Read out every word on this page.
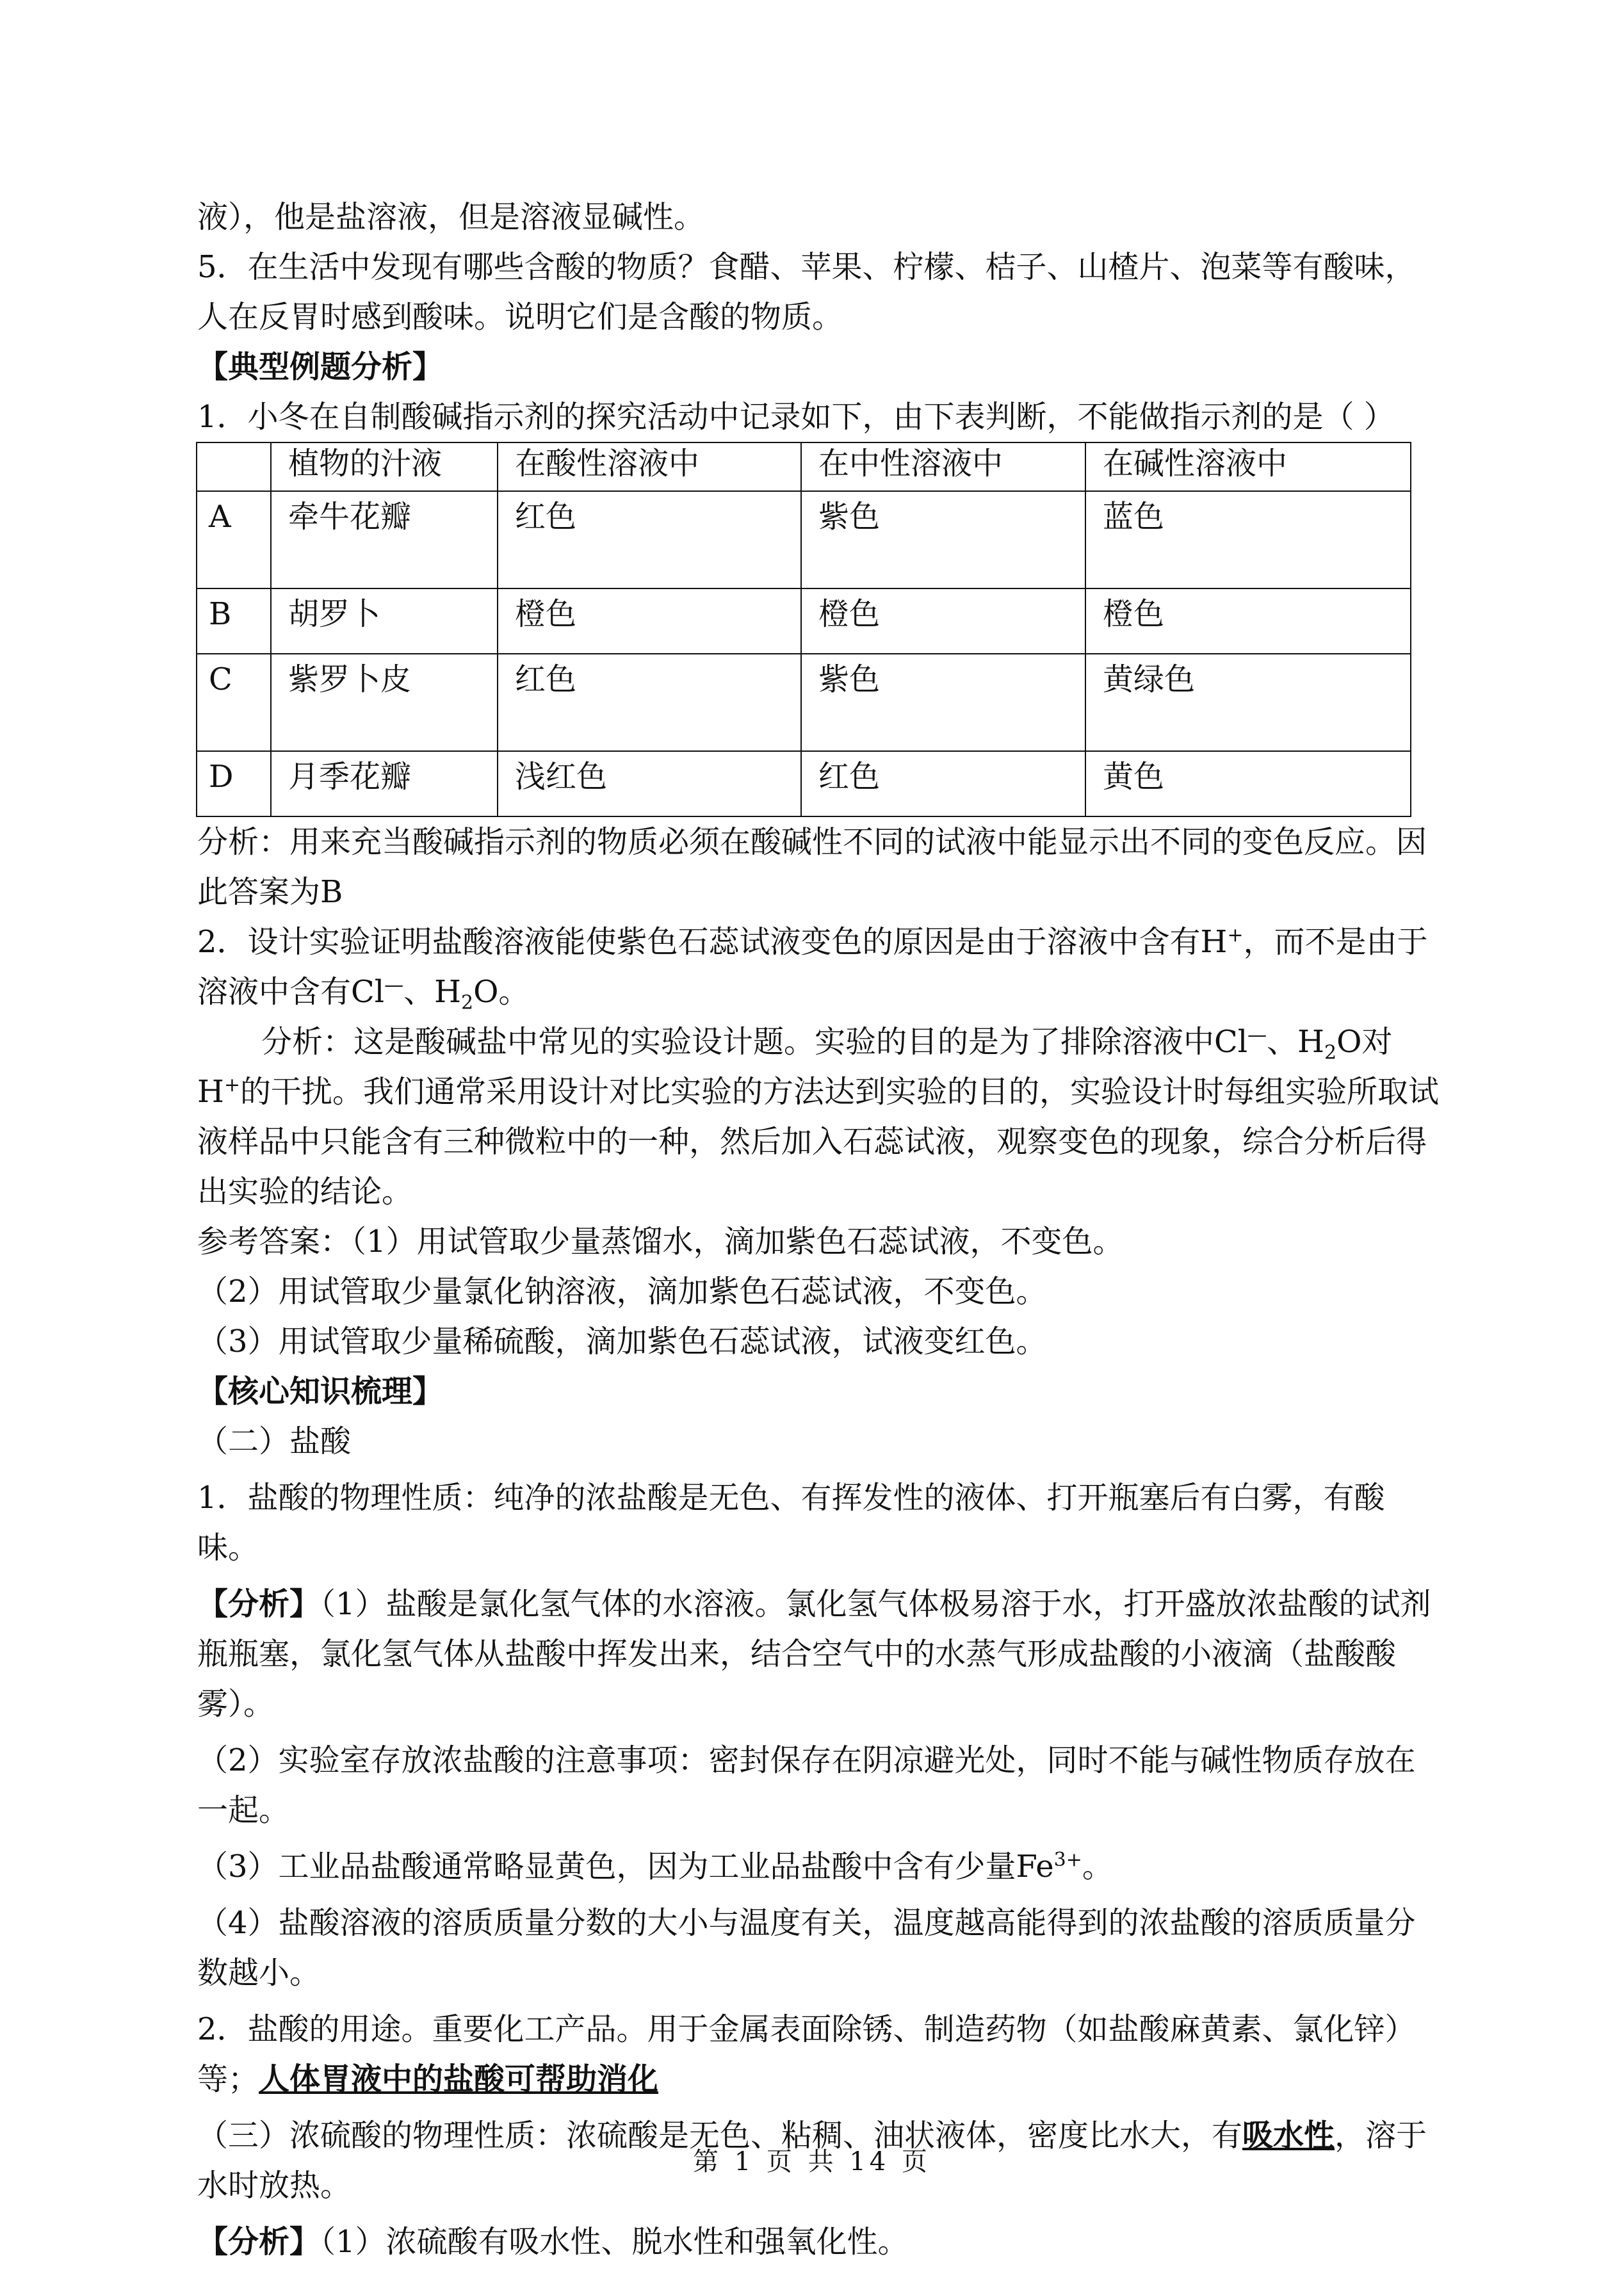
液），他是盐溶液，但是溶液显碱性。

5．在生活中发现有哪些含酸的物质？食醋、苹果、柠檬、桔子、山楂片、泡菜等有酸味，人在反胃时感到酸味。说明它们是含酸的物质。

【典型例题分析】

1．小冬在自制酸碱指示剂的探究活动中记录如下，由下表判断，不能做指示剂的是（ ）

	植物的汁液	在酸性溶液中	在中性溶液中	在碱性溶液中
A	牵牛花瓣	红色	紫色	蓝色
B	胡罗卜	橙色	橙色	橙色
C	紫罗卜皮	红色	紫色	黄绿色
D	月季花瓣	浅红色	红色	黄色

分析：用来充当酸碱指示剂的物质必须在酸碱性不同的试液中能显示出不同的变色反应。因此答案为B

2．设计实验证明盐酸溶液能使紫色石蕊试液变色的原因是由于溶液中含有H+，而不是由于溶液中含有Cl—、$H_2O$。

分析：这是酸碱盐中常见的实验设计题。实验的目的是为了排除溶液中Cl—、$H_2O$对H+的干扰。我们通常采用设计对比实验的方法达到实验的目的，实验设计时每组实验所取试液样品中只能含有三种微粒中的一种，然后加入石蕊试液，观察变色的现象，综合分析后得出实验的结论。

参考答案：（1）用试管取少量蒸馏水，滴加紫色石蕊试液，不变色。

（2）用试管取少量氯化钠溶液，滴加紫色石蕊试液，不变色。

（3）用试管取少量稀硫酸，滴加紫色石蕊试液，试液变红色。

【核心知识梳理】

（二）盐酸

1．盐酸的物理性质：纯净的浓盐酸是无色、有挥发性的液体、打开瓶塞后有白雾，有酸味。

【分析】（1）盐酸是氯化氢气体的水溶液。氯化氢气体极易溶于水，打开盛放浓盐酸的试剂瓶瓶塞，氯化氢气体从盐酸中挥发出来，结合空气中的水蒸气形成盐酸的小液滴（盐酸酸雾）。

（2）实验室存放浓盐酸的注意事项：密封保存在阴凉避光处，同时不能与碱性物质存放在一起。

（3）工业品盐酸通常略显黄色，因为工业品盐酸中含有少量$Fe^{3+}$。

（4）盐酸溶液的溶质质量分数的大小与温度有关，温度越高能得到的浓盐酸的溶质质量分数越小。

2．盐酸的用途。重要化工产品。用于金属表面除锈、制造药物（如盐酸麻黄素、氯化锌）等；人体胃液中的盐酸可帮助消化

（三）浓硫酸的物理性质：浓硫酸是无色、粘稠、油状液体，密度比水大，有吸水性，溶于水时放热。

【分析】（1）浓硫酸有吸水性、脱水性和强氧化性。

第 1 页 共 14 页
